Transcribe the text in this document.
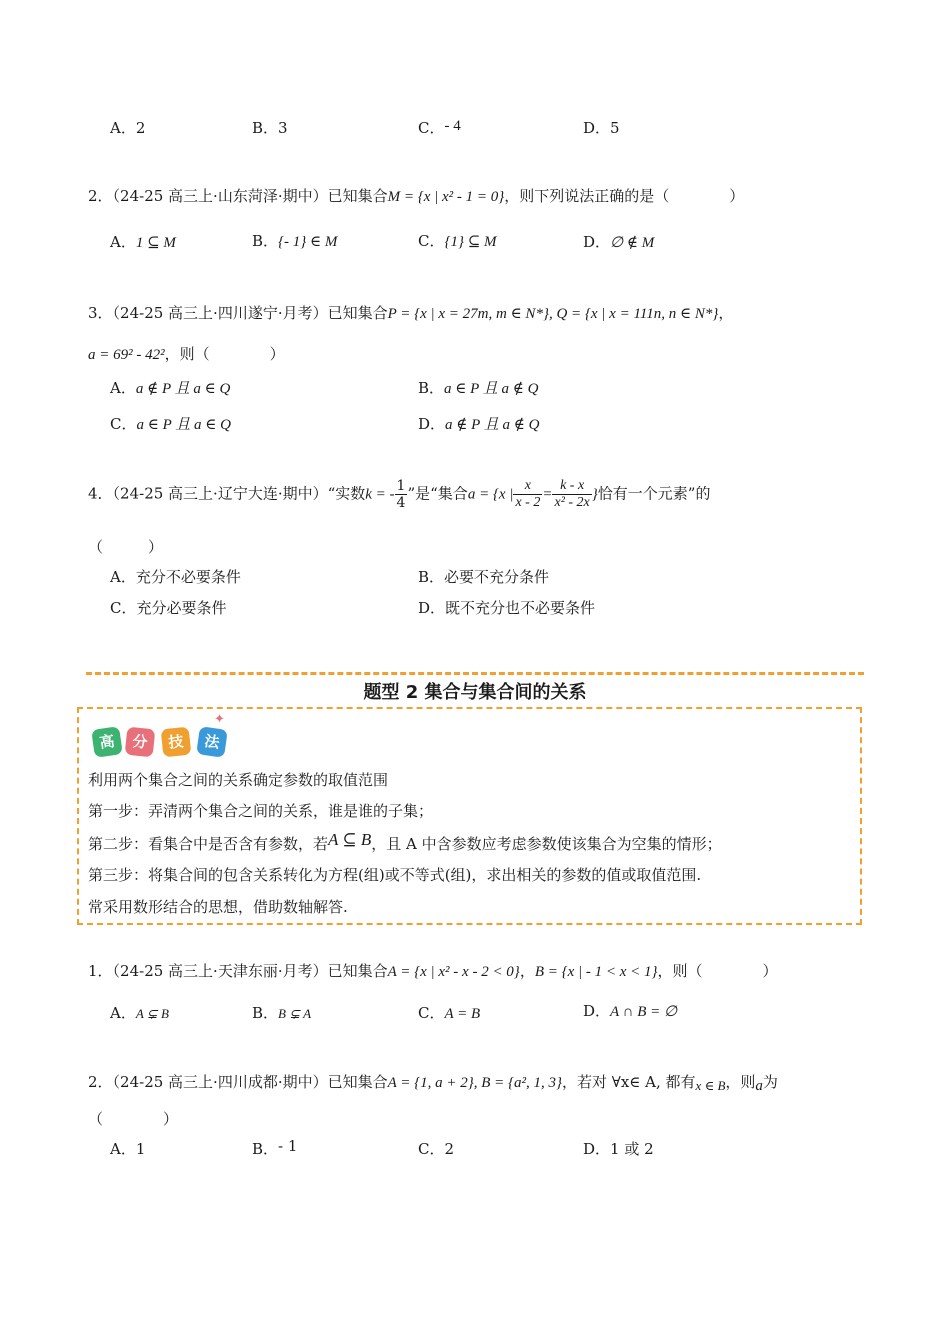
A．2	B．3	C．- 4	D．5
2．（24-25 高三上·山东菏泽·期中）已知集合M = {x | x² - 1 = 0}，则下列说法正确的是（　　　　）
A．1 ⊆ M	B．{- 1} ∈ M	C．{1} ⊆ M	D．∅ ∉ M
3．（24-25 高三上·四川遂宁·月考）已知集合P = {x | x = 27m, m ∈ N*}, Q = {x | x = 111n, n ∈ N*}，
a = 69² - 42²，则（　　　　）
A．a ∉ P 且 a ∈ Q	B．a ∈ P 且 a ∉ Q
C．a ∈ P 且 a ∈ Q	D．a ∉ P 且 a ∉ Q
4．（24-25 高三上·辽宁大连·期中）“实数k = - $\frac{1}{4}$ ”是“集合a = {x | $\frac{x}{x - 2} = \frac{k - x}{\text{x² - 2x}}$ }恰有一个元素”的
（　　　）
A．充分不必要条件	B．必要不充分条件
C．充分必要条件	D．既不充分也不必要条件
题型 2 集合与集合间的关系
高	分	技	法
✦
利用两个集合之间的关系确定参数的取值范围
第一步：弄清两个集合之间的关系，谁是谁的子集；
第二步：看集合中是否含有参数，若A ⊆ B，且 A 中含参数应考虑参数使该集合为空集的情形；
第三步：将集合间的包含关系转化为方程(组)或不等式(组)，求出相关的参数的值或取值范围.
常采用数形结合的思想，借助数轴解答.
1．（24-25 高三上·天津东丽·月考）已知集合A = {x | x² - x - 2 < 0}，B = {x | - 1 < x < 1}，则（　　　　）
A．A ⊊ B	B．B ⊊ A	C．A = B	D．A ∩ B = ∅
2．（24-25 高三上·四川成都·期中）已知集合A = {1, a + 2}, B = {a², 1, 3}，若对 ∀x∈ A, 都有x ∈ B，则a为
（　　　　）
A．1	B．- 1	C．2	D．1 或 2
